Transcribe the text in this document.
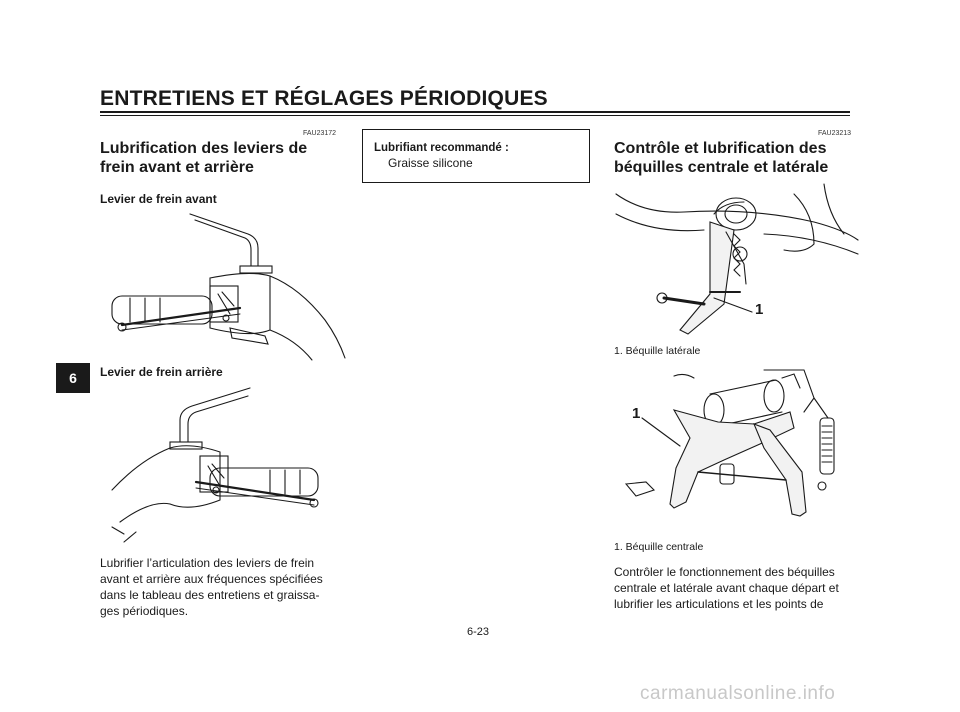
ENTRETIENS ET RÉGLAGES PÉRIODIQUES
6
FAU23172
Lubrification des leviers de
frein avant et arrière
Levier de frein avant
Levier de frein arrière
Lubrifier l’articulation des leviers de frein
avant et arrière aux fréquences spécifiées
dans le tableau des entretiens et graissa-
ges périodiques.
Lubrifiant recommandé :
Graisse silicone
FAU23213
Contrôle et lubrification des
béquilles centrale et latérale
1
1. Béquille latérale
1
1. Béquille centrale
Contrôler le fonctionnement des béquilles
centrale et latérale avant chaque départ et
lubrifier les articulations et les points de
6-23
carmanualsonline.info
